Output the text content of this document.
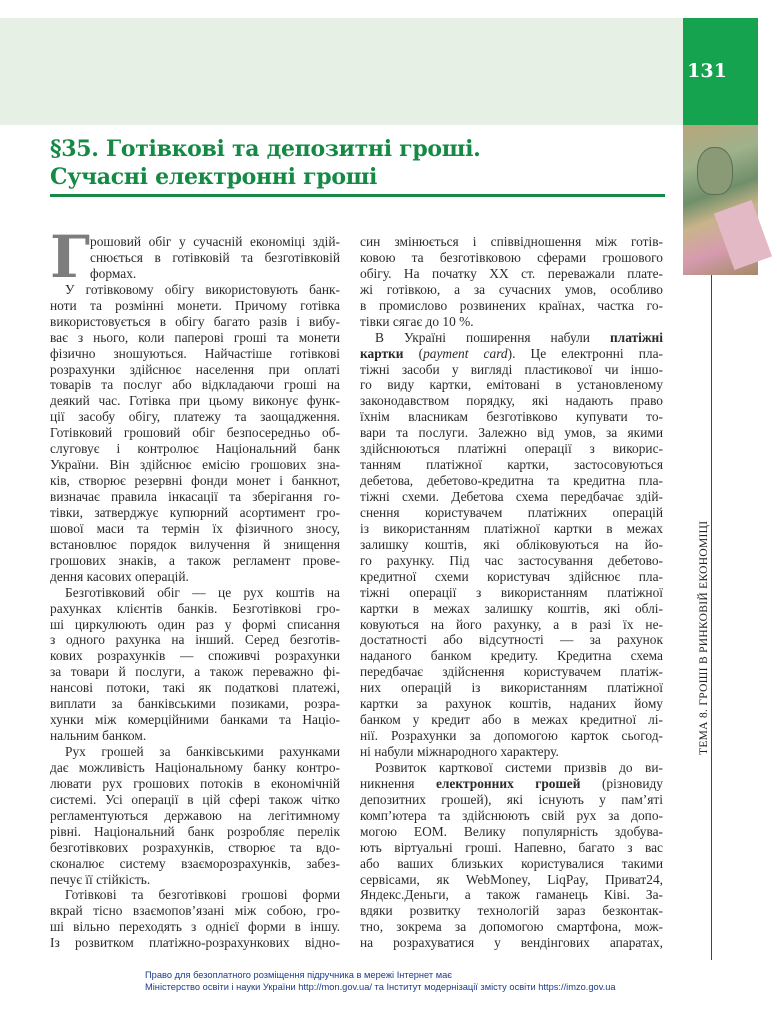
131
§35. Готівкові та депозитні гроші.
Сучасні електронні гроші
Г рошовий обіг у сучасній економіці здій-
снюється в готівковій та безготівковій
формах.
У готівковому обігу використовують банк-
ноти та розмінні монети. Причому готівка
використовується в обігу багато разів і вибу-
ває з нього, коли паперові гроші та монети
фізично зношуються. Найчастіше готівкові
розрахунки здійснює населення при оплаті
товарів та послуг або відкладаючи гроші на
деякий час. Готівка при цьому виконує функ-
ції засобу обігу, платежу та заощадження.
Готівковий грошовий обіг безпосередньо об-
слуговує і контролює Національний банк
України. Він здійснює емісію грошових зна-
ків, створює резервні фонди монет і банкнот,
визначає правила інкасації та зберігання го-
тівки, затверджує купюрний асортимент гро-
шової маси та термін їх фізичного зносу,
встановлює порядок вилучення й знищення
грошових знаків, а також регламент прове-
дення касових операцій.
Безготівковий обіг — це рух коштів на
рахунках клієнтів банків. Безготівкові гро-
ші циркулюють один раз у формі списання
з одного рахунка на інший. Серед безготів-
кових розрахунків — споживчі розрахунки
за товари й послуги, а також переважно фі-
нансові потоки, такі як податкові платежі,
виплати за банківськими позиками, розра-
хунки між комерційними банками та Націо-
нальним банком.
Рух грошей за банківськими рахунками
дає можливість Національному банку контро-
лювати рух грошових потоків в економічній
системі. Усі операції в цій сфері також чітко
регламентуються державою на легітимному
рівні. Національний банк розробляє перелік
безготівкових розрахунків, створює та вдо-
сконалює систему взаєморозрахунків, забез-
печує її стійкість.
Готівкові та безготівкові грошові форми
вкрай тісно взаємопов’язані між собою, гро-
ші вільно переходять з однієї форми в іншу.
Із розвитком платіжно-розрахункових відно-
син змінюється і співвідношення між готів-
ковою та безготівковою сферами грошового
обігу. На початку XX ст. переважали плате-
жі готівкою, а за сучасних умов, особливо
в промислово розвинених країнах, частка го-
тівки сягає до 10 %.
В Україні поширення набули платіжні
картки (payment card). Це електронні пла-
тіжні засоби у вигляді пластикової чи іншо-
го виду картки, емітовані в установленому
законодавством порядку, які надають право
їхнім власникам безготівково купувати то-
вари та послуги. Залежно від умов, за якими
здійснюються платіжні операції з викорис-
танням платіжної картки, застосовуються
дебетова, дебетово-кредитна та кредитна пла-
тіжні схеми. Дебетова схема передбачає здій-
снення користувачем платіжних операцій
із використанням платіжної картки в межах
залишку коштів, які обліковуються на йо-
го рахунку. Під час застосування дебетово-
кредитної схеми користувач здійснює пла-
тіжні операції з використанням платіжної
картки в межах залишку коштів, які облі-
ковуються на його рахунку, а в разі їх не-
достатності або відсутності — за рахунок
наданого банком кредиту. Кредитна схема
передбачає здійснення користувачем платіж-
них операцій із використанням платіжної
картки за рахунок коштів, наданих йому
банком у кредит або в межах кредитної лі-
нії. Розрахунки за допомогою карток сьогод-
ні набули міжнародного характеру.
Розвиток карткової системи призвів до ви-
никнення електронних грошей (різновиду
депозитних грошей), які існують у пам’яті
комп’ютера та здійснюють свій рух за допо-
могою ЕОМ. Велику популярність здобува-
ють віртуальні гроші. Напевно, багато з вас
або ваших близьких користувалися такими
сервісами, як WebMoney, LiqPay, Приват24,
Яндекс.Деньги, а також гаманець Ківі. За-
вдяки розвитку технологій зараз безконтак-
тно, зокрема за допомогою смартфона, мож-
на розрахуватися у вендінгових апаратах,
ТЕМА 8. ГРОШІ В РИНКОВІЙ ЕКОНОМІЦІ
Право для безоплатного розміщення підручника в мережі Інтернет має
Міністерство освіти і науки України http://mon.gov.ua/ та Інститут модернізації змісту освіти https://imzo.gov.ua
